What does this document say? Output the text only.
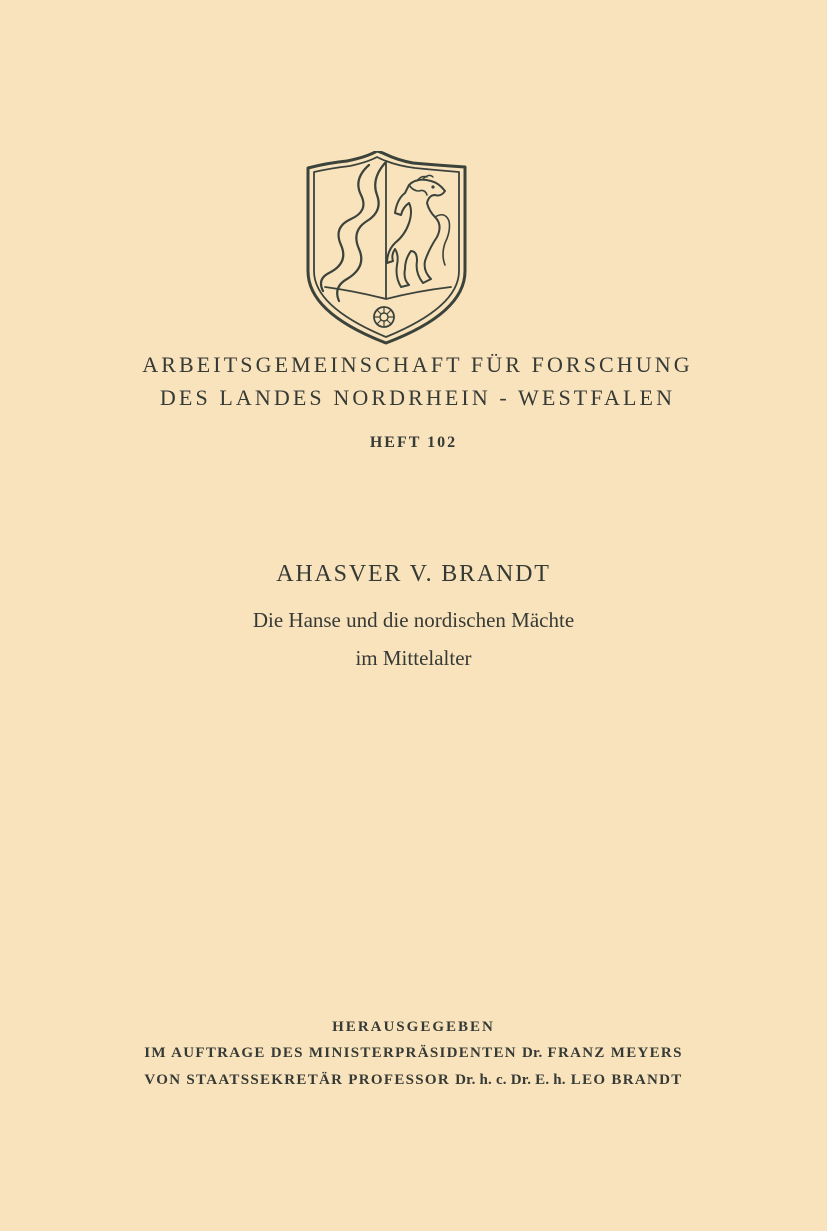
ARBEITSGEMEINSCHAFT FÜR FORSCHUNG
DES LANDES NORDRHEIN - WESTFALEN
HEFT 102
AHASVER V. BRANDT
Die Hanse und die nordischen Mächte
im Mittelalter
HERAUSGEGEBEN
IM AUFTRAGE DES MINISTERPRÄSIDENTEN Dr. FRANZ MEYERS
VON STAATSSEKRETÄR PROFESSOR Dr. h. c. Dr. E. h. LEO BRANDT
